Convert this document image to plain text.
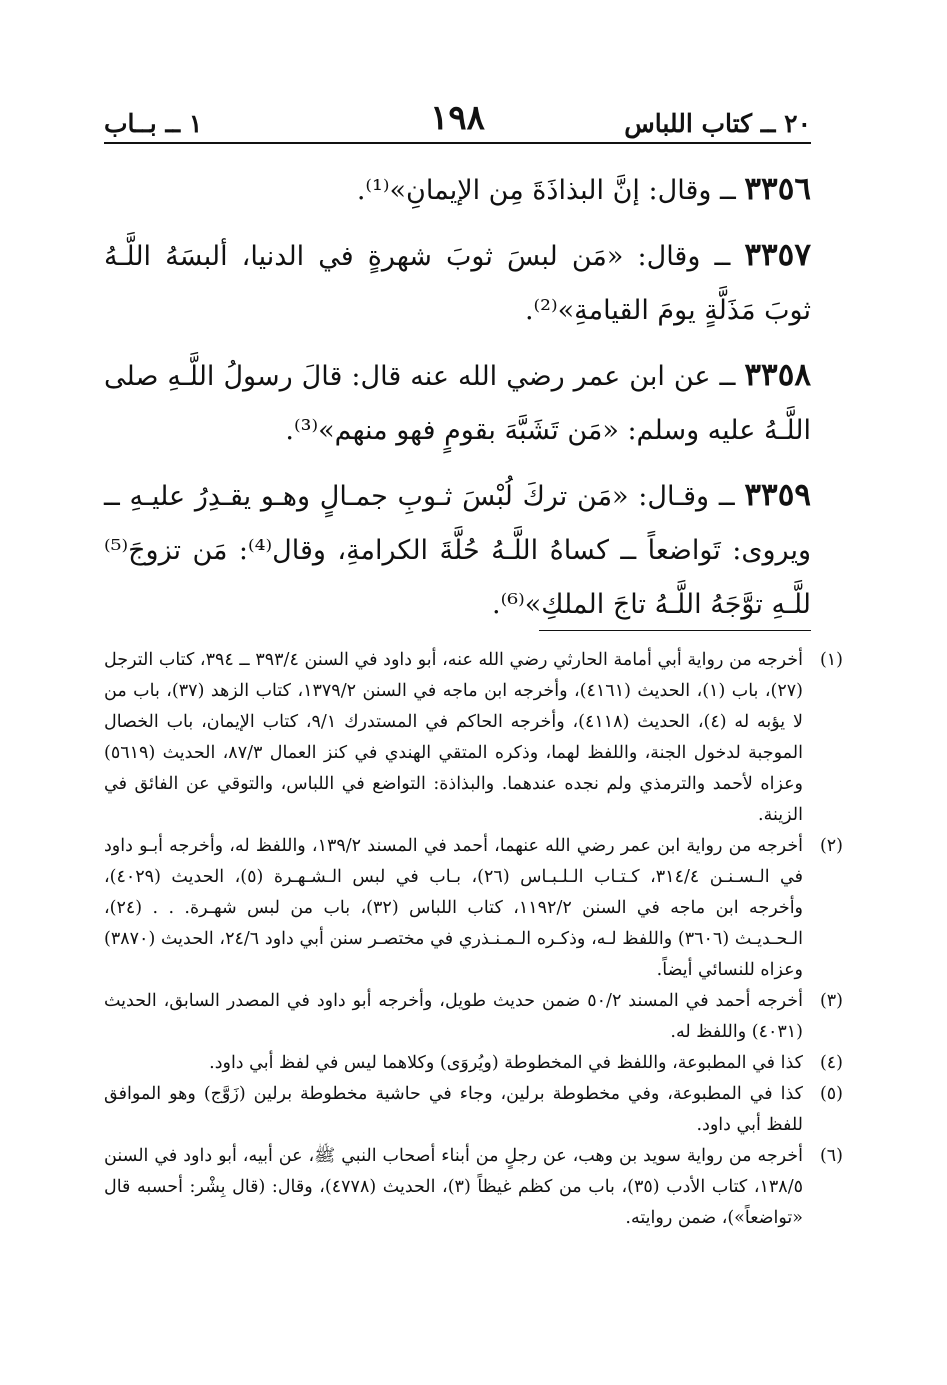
٢٠ ــ كتاب اللباس
١٩٨
١ ــ بــاب

٣٣٥٦ ــ وقال: إنَّ البذاذَةَ مِن الإيمانِ»⁽¹⁾.

٣٣٥٧ ــ وقال: «مَن لبسَ ثوبَ شهرةٍ في الدنيا، ألبسَهُ اللَّـهُ ثوبَ مَذَلَّةٍ يومَ القيامةِ»⁽²⁾.

٣٣٥٨ ــ عن ابن عمر رضي الله عنه قال: قالَ رسولُ اللَّـهِ صلى اللَّـهُ عليه وسلم: «مَن تَشَبَّهَ بقومٍ فهو منهم»⁽³⁾.

٣٣٥٩ ــ وقـال: «مَن تركَ لُبْسَ ثـوبِ جمـالٍ وهـو يقـدِرُ عليـهِ ــ ويروى: تَواضعاً ــ كساهُ اللَّـهُ حُلَّةَ الكرامةِ، وقال⁽⁴⁾: مَن تزوجَ⁽⁵⁾ للَّـهِ توَّجَهُ اللَّـهُ تاجَ الملكِ»⁽⁶⁾.

(١)
أخرجه من رواية أبي أمامة الحارثي رضي الله عنه، أبو داود في السنن ٣٩٣/٤ ــ ٣٩٤، كتاب الترجل (٢٧)، باب (١)، الحديث (٤١٦١)، وأخرجه ابن ماجه في السنن ١٣٧٩/٢، كتاب الزهد (٣٧)، باب من لا يؤبه له (٤)، الحديث (٤١١٨)، وأخرجه الحاكم في المستدرك ٩/١، كتاب الإيمان، باب الخصال الموجبة لدخول الجنة، واللفظ لهما، وذكره المتقي الهندي في كنز العمال ٨٧/٣، الحديث (٥٦١٩) وعزاه لأحمد والترمذي ولم نجده عندهما. والبذاذة: التواضع في اللباس، والتوقي عن الفائق في الزينة.
(٢)
أخرجه من رواية ابن عمر رضي الله عنهما، أحمد في المسند ١٣٩/٢، واللفظ له، وأخرجه أبـو داود في الـسـنـن ٣١٤/٤، كـتـاب الـلـبـاس (٢٦)، بـاب في لبس الـشـهـرة (٥)، الحديث (٤٠٢٩)، وأخرجه ابن ماجه في السنن ١١٩٢/٢، كتاب اللباس (٣٢)، باب من لبس شهـرة. . . (٢٤)، الـحـديـث (٣٦٠٦) واللفظ لـه، وذكـره الـمـنـذري في مختصـر سنن أبي داود ٢٤/٦، الحديث (٣٨٧٠) وعزاه للنسائي أيضاً.
(٣)
أخرجه أحمد في المسند ٥٠/٢ ضمن حديث طويل، وأخرجه أبو داود في المصدر السابق، الحديث (٤٠٣١) واللفظ له.
(٤)
كذا في المطبوعة، واللفظ في المخطوطة (ويُروَى) وكلاهما ليس في لفظ أبي داود.
(٥)
كذا في المطبوعة، وفي مخطوطة برلين، وجاء في حاشية مخطوطة برلين (زَوَّج) وهو الموافق للفظ أبي داود.
(٦)
أخرجه من رواية سويد بن وهب، عن رجلٍ من أبناء أصحاب النبي ﷺ، عن أبيه، أبو داود في السنن ١٣٨/٥، كتاب الأدب (٣٥)، باب من كظم غيظاً (٣)، الحديث (٤٧٧٨)، وقال: (قال بِشْر: أحسبه قال «تواضعاً»)، ضمن روايته.
